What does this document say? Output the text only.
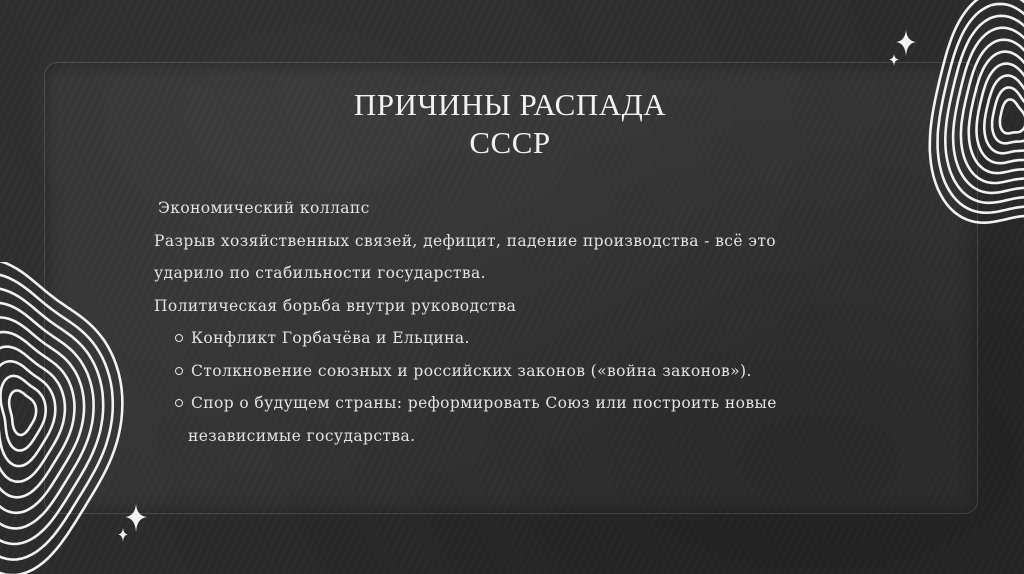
ПРИЧИНЫ РАСПАДА
СССР
Экономический коллапс
Разрыв хозяйственных связей, дефицит, падение производства - всё это
ударило по стабильности государства.
Политическая борьба внутри руководства
Конфликт Горбачёва и Ельцина.
Столкновение союзных и российских законов («война законов»).
Спор о будущем страны: реформировать Союз или построить новые
независимые государства.
